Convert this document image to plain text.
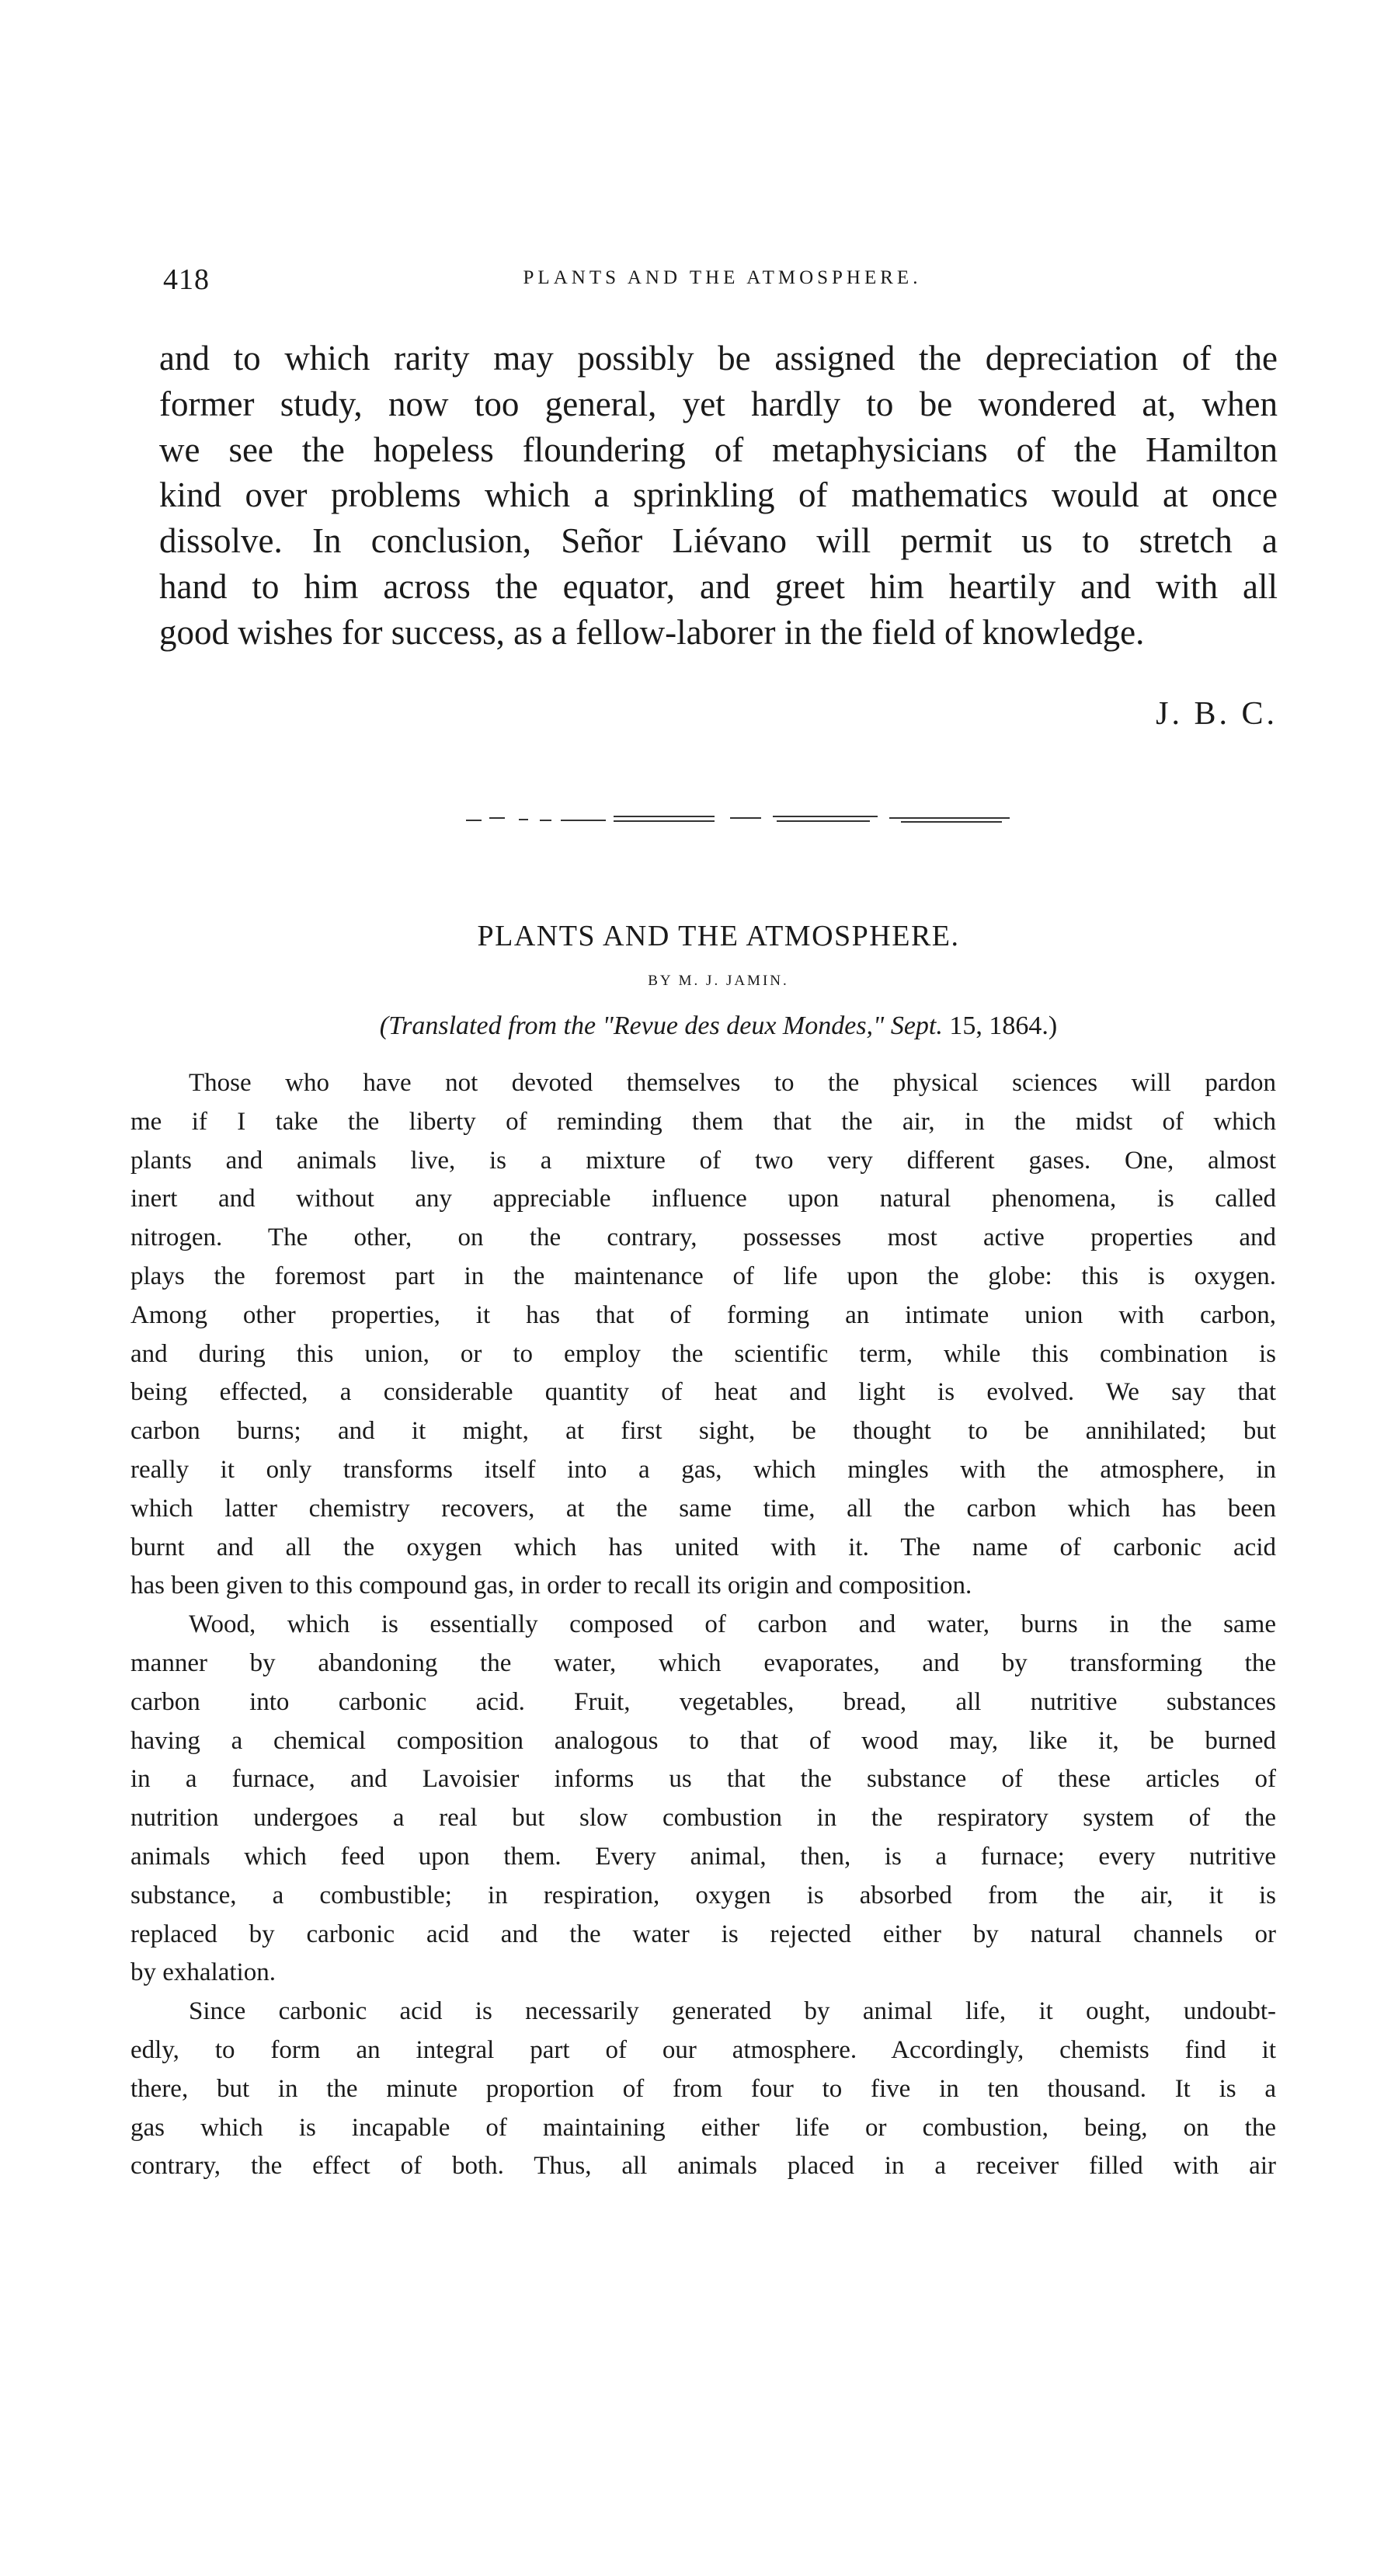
418	PLANTS AND THE ATMOSPHERE.
and to which rarity may possibly be assigned the depreciation of the
former study, now too general, yet hardly to be wondered at, when
we see the hopeless floundering of metaphysicians of the Hamilton
kind over problems which a sprinkling of mathematics would at once
dissolve. In conclusion, Señor Liévano will permit us to stretch a
hand to him across the equator, and greet him heartily and with all
good wishes for success, as a fellow-laborer in the field of knowledge.
J. B. C.
PLANTS AND THE ATMOSPHERE.
BY M. J. JAMIN.
(Translated from the "Revue des deux Mondes," Sept. 15, 1864.)
Those who have not devoted themselves to the physical sciences will pardon
me if I take the liberty of reminding them that the air, in the midst of which
plants and animals live, is a mixture of two very different gases. One, almost
inert and without any appreciable influence upon natural phenomena, is called
nitrogen. The other, on the contrary, possesses most active properties and
plays the foremost part in the maintenance of life upon the globe: this is oxygen.
Among other properties, it has that of forming an intimate union with carbon,
and during this union, or to employ the scientific term, while this combination is
being effected, a considerable quantity of heat and light is evolved. We say that
carbon burns; and it might, at first sight, be thought to be annihilated; but
really it only transforms itself into a gas, which mingles with the atmosphere, in
which latter chemistry recovers, at the same time, all the carbon which has been
burnt and all the oxygen which has united with it. The name of carbonic acid
has been given to this compound gas, in order to recall its origin and composition.
Wood, which is essentially composed of carbon and water, burns in the same
manner by abandoning the water, which evaporates, and by transforming the
carbon into carbonic acid. Fruit, vegetables, bread, all nutritive substances
having a chemical composition analogous to that of wood may, like it, be burned
in a furnace, and Lavoisier informs us that the substance of these articles of
nutrition undergoes a real but slow combustion in the respiratory system of the
animals which feed upon them. Every animal, then, is a furnace; every nutritive
substance, a combustible; in respiration, oxygen is absorbed from the air, it is
replaced by carbonic acid and the water is rejected either by natural channels or
by exhalation.
Since carbonic acid is necessarily generated by animal life, it ought, undoubt-
edly, to form an integral part of our atmosphere. Accordingly, chemists find it
there, but in the minute proportion of from four to five in ten thousand. It is a
gas which is incapable of maintaining either life or combustion, being, on the
contrary, the effect of both. Thus, all animals placed in a receiver filled with air
